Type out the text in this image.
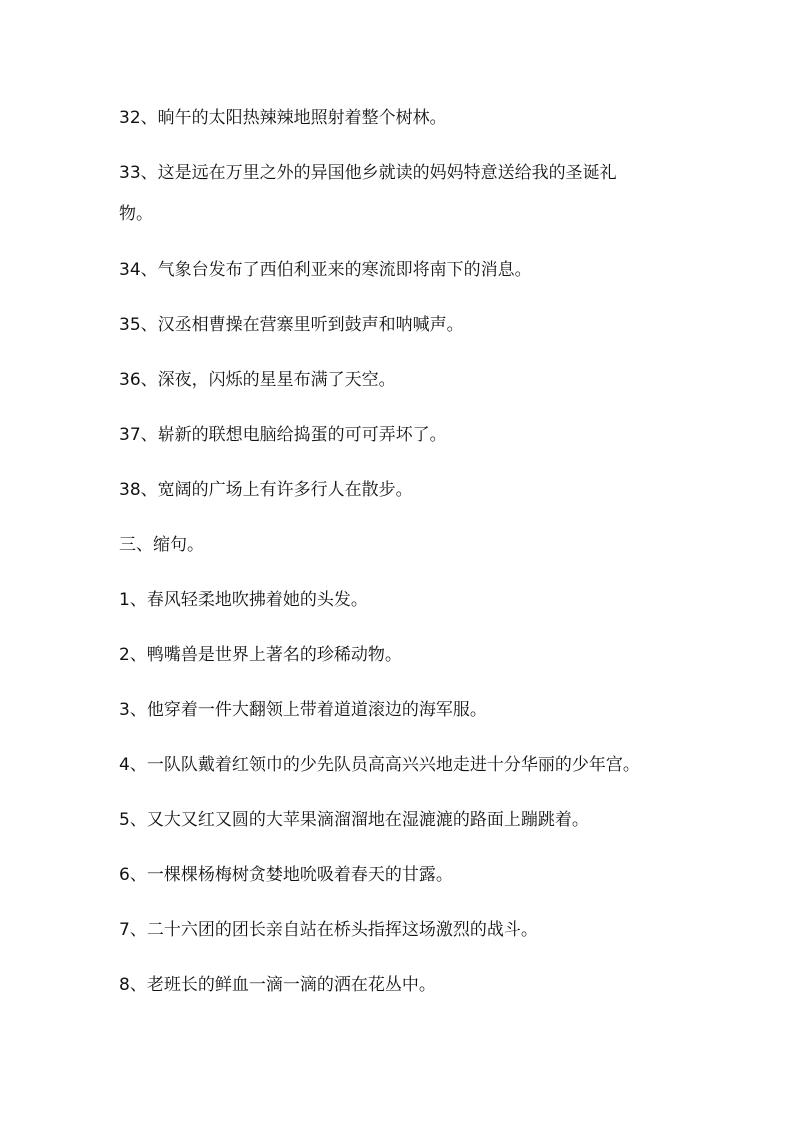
32、晌午的太阳热辣辣地照射着整个树林。
33、这是远在万里之外的异国他乡就读的妈妈特意送给我的圣诞礼
物。
34、气象台发布了西伯利亚来的寒流即将南下的消息。
35、汉丞相曹操在营寨里听到鼓声和呐喊声。
36、深夜，闪烁的星星布满了天空。
37、崭新的联想电脑给捣蛋的可可弄坏了。
38、宽阔的广场上有许多行人在散步。
三、缩句。
1、春风轻柔地吹拂着她的头发。
2、鸭嘴兽是世界上著名的珍稀动物。
3、他穿着一件大翻领上带着道道滚边的海军服。
4、一队队戴着红领巾的少先队员高高兴兴地走进十分华丽的少年宫。
5、又大又红又圆的大苹果滴溜溜地在湿漉漉的路面上蹦跳着。
6、一棵棵杨梅树贪婪地吮吸着春天的甘露。
7、二十六团的团长亲自站在桥头指挥这场激烈的战斗。
8、老班长的鲜血一滴一滴的洒在花丛中。
